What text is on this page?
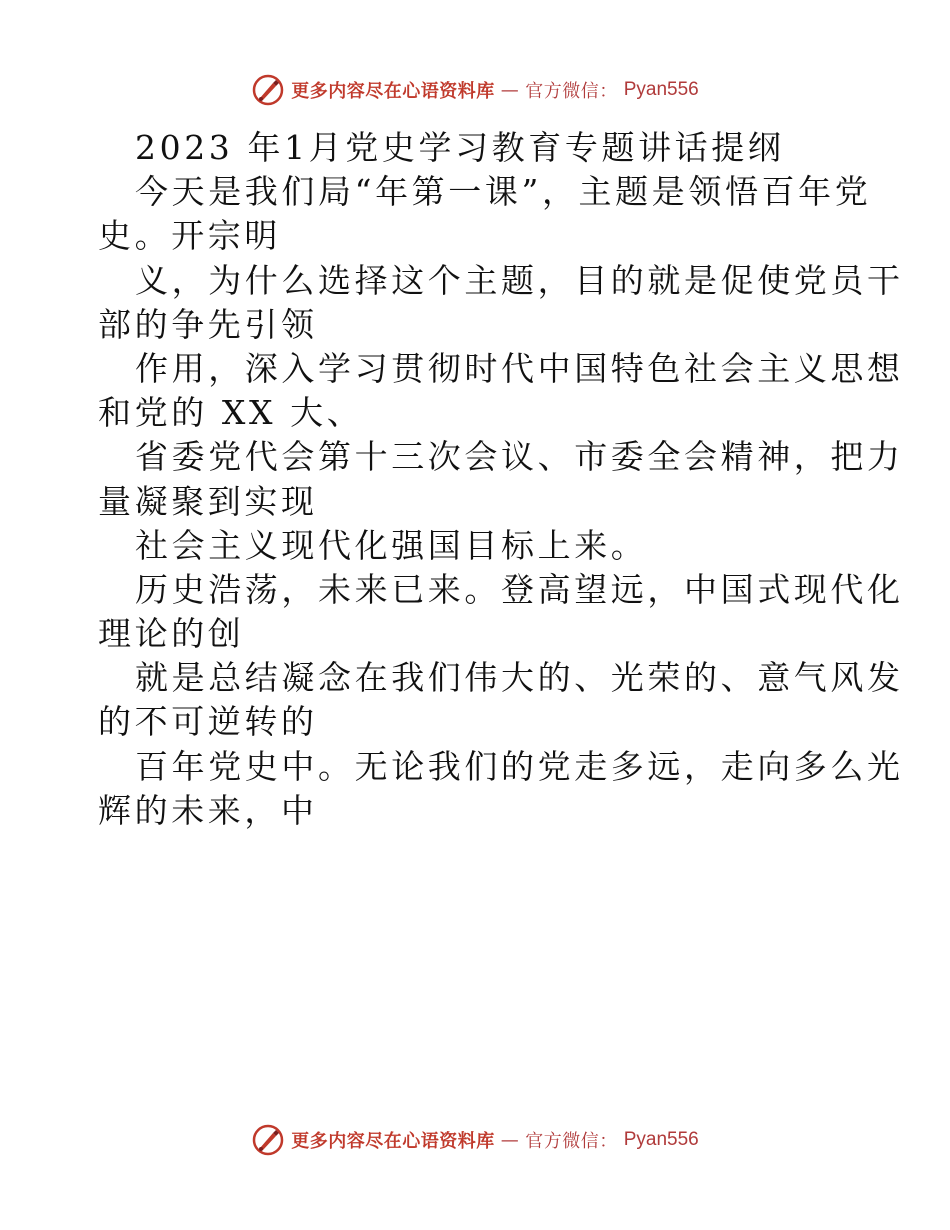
更多内容尽在心语资料库 — 官方微信： Pyan556
2023 年1月党史学习教育专题讲话提纲
今天是我们局“年第一课”，主题是领悟百年党
史。开宗明
义，为什么选择这个主题，目的就是促使党员干
部的争先引领
作用，深入学习贯彻时代中国特色社会主义思想
和党的 XX 大、
省委党代会第十三次会议、市委全会精神，把力
量凝聚到实现
社会主义现代化强国目标上来。
历史浩荡，未来已来。登高望远，中国式现代化
理论的创
就是总结凝念在我们伟大的、光荣的、意气风发
的不可逆转的
百年党史中。无论我们的党走多远，走向多么光
辉的未来，中
更多内容尽在心语资料库 — 官方微信： Pyan556
